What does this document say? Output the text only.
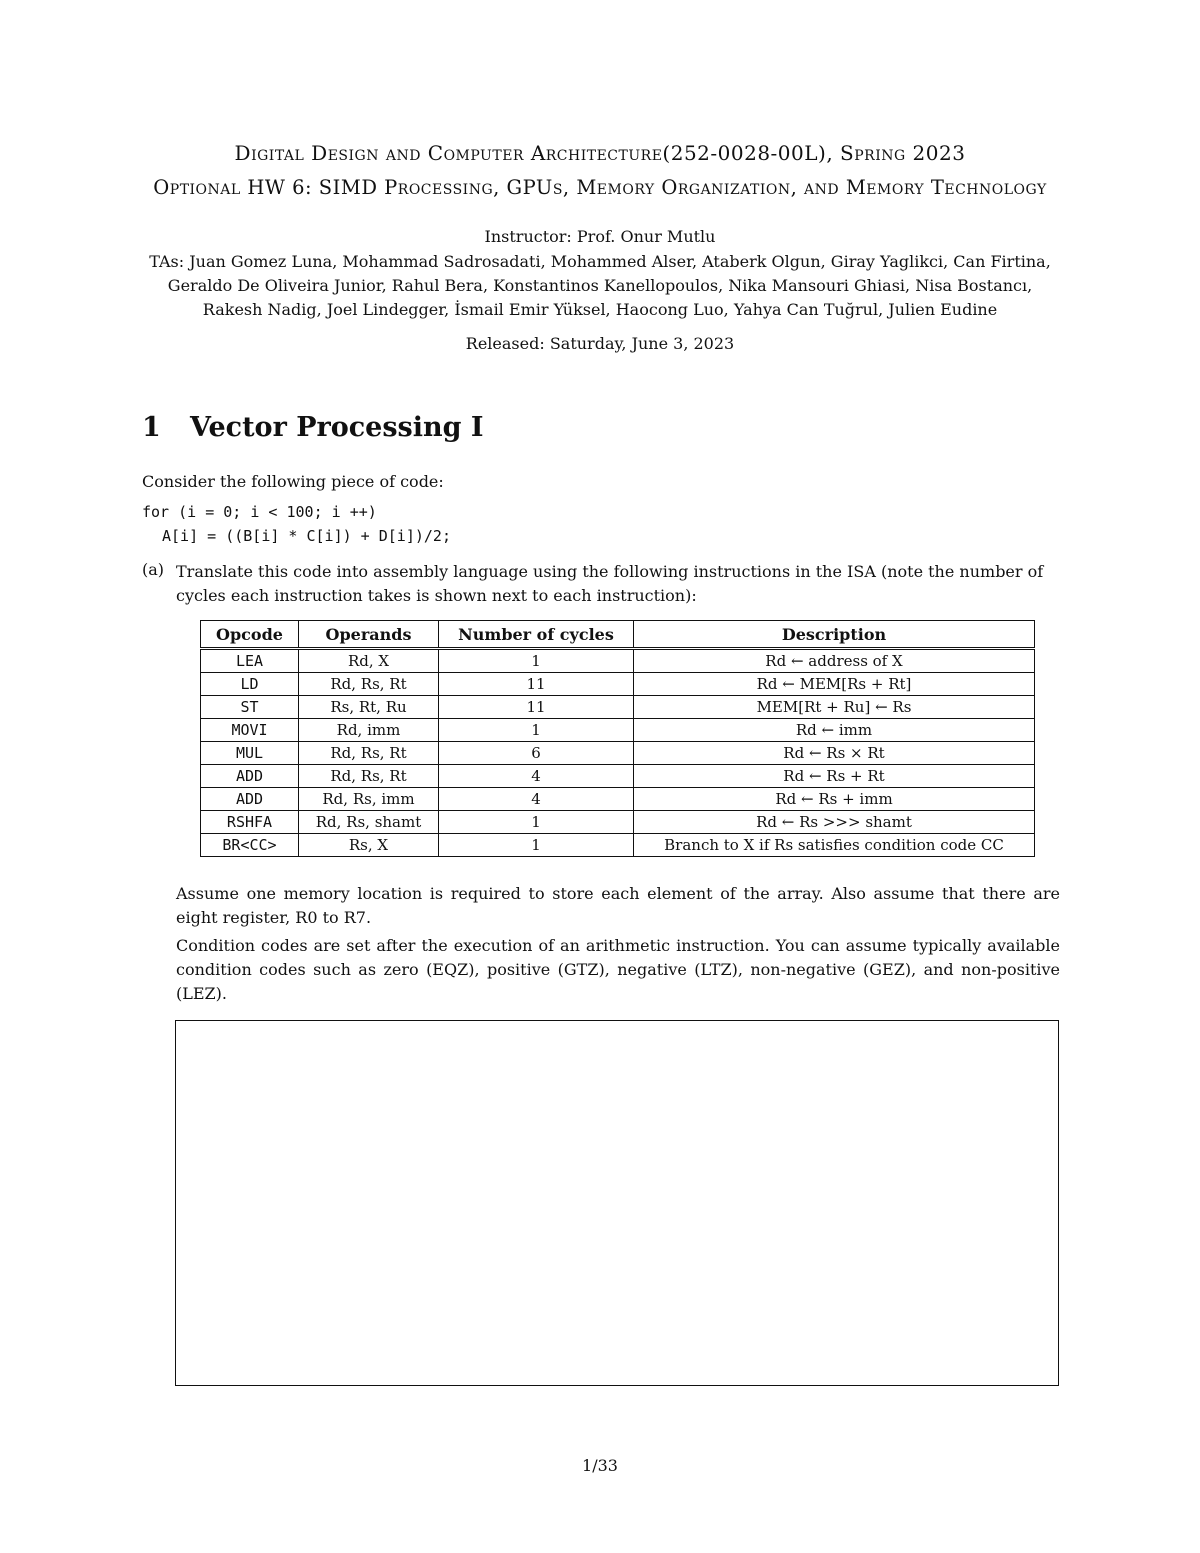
Digital Design and Computer Architecture(252-0028-00L), Spring 2023
Optional HW 6: SIMD Processing, GPUs, Memory Organization, and Memory Technology
Instructor: Prof. Onur Mutlu
TAs: Juan Gomez Luna, Mohammad Sadrosadati, Mohammed Alser, Ataberk Olgun, Giray Yaglikci, Can Firtina,
Geraldo De Oliveira Junior, Rahul Bera, Konstantinos Kanellopoulos, Nika Mansouri Ghiasi, Nisa Bostancı,
Rakesh Nadig, Joel Lindegger, İsmail Emir Yüksel, Haocong Luo, Yahya Can Tuğrul, Julien Eudine
Released: Saturday, June 3, 2023
1 Vector Processing I
Consider the following piece of code:
for (i = 0; i < 100; i ++)
A[i] = ((B[i] * C[i]) + D[i])/2;
(a) Translate this code into assembly language using the following instructions in the ISA (note the number of cycles each instruction takes is shown next to each instruction):
Opcode	Operands	Number of cycles	Description
LEA	Rd, X	1	Rd ← address of X
LD	Rd, Rs, Rt	11	Rd ← MEM[Rs + Rt]
ST	Rs, Rt, Ru	11	MEM[Rt + Ru] ← Rs
MOVI	Rd, imm	1	Rd ← imm
MUL	Rd, Rs, Rt	6	Rd ← Rs × Rt
ADD	Rd, Rs, Rt	4	Rd ← Rs + Rt
ADD	Rd, Rs, imm	4	Rd ← Rs + imm
RSHFA	Rd, Rs, shamt	1	Rd ← Rs >>> shamt
BR<CC>	Rs, X	1	Branch to X if Rs satisfies condition code CC
Assume one memory location is required to store each element of the array. Also assume that there are eight register, R0 to R7.
Condition codes are set after the execution of an arithmetic instruction. You can assume typically available condition codes such as zero (EQZ), positive (GTZ), negative (LTZ), non-negative (GEZ), and non-positive (LEZ).
1/33
